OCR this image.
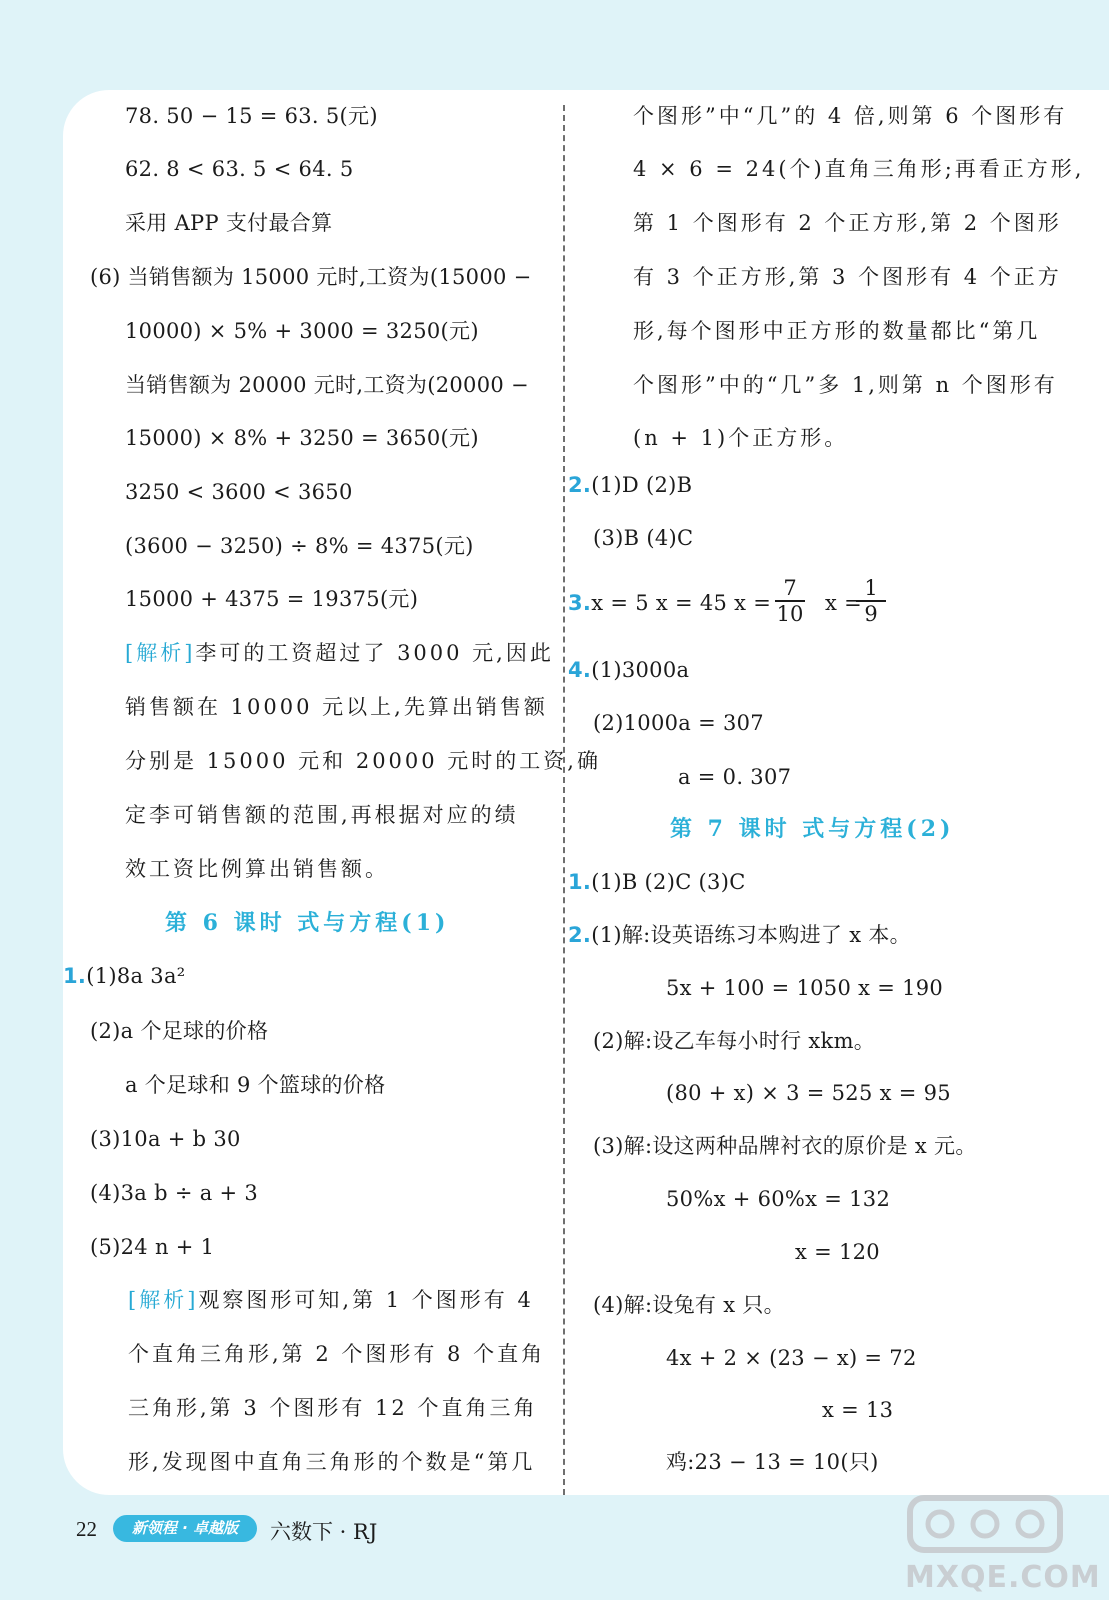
78. 50 − 15 = 63. 5(元)
62. 8 < 63. 5 < 64. 5
采用 APP 支付最合算
(6) 当销售额为 15000 元时,工资为(15000 −
10000) × 5% + 3000 = 3250(元)
当销售额为 20000 元时,工资为(20000 −
15000) × 8% + 3250 = 3650(元)
3250 < 3600 < 3650
(3600 − 3250) ÷ 8% = 4375(元)
15000 + 4375 = 19375(元)
[解析]李可的工资超过了 3000 元,因此
销售额在 10000 元以上,先算出销售额
分别是 15000 元和 20000 元时的工资,确
定李可销售额的范围,再根据对应的绩
效工资比例算出销售额。
第 6 课时 式与方程(1)
1.(1)8a 3a²
(2)a 个足球的价格
a 个足球和 9 个篮球的价格
(3)10a + b 30
(4)3a b ÷ a + 3
(5)24 n + 1
[解析]观察图形可知,第 1 个图形有 4
个直角三角形,第 2 个图形有 8 个直角
三角形,第 3 个图形有 12 个直角三角
形,发现图中直角三角形的个数是“第几
个图形”中“几”的 4 倍,则第 6 个图形有
4 × 6 = 24(个)直角三角形;再看正方形,
第 1 个图形有 2 个正方形,第 2 个图形
有 3 个正方形,第 3 个图形有 4 个正方
形,每个图形中正方形的数量都比“第几
个图形”中的“几”多 1,则第 n 个图形有
(n + 1)个正方形。
2.(1)D (2)B
(3)B (4)C
3.x = 5 x = 45 x =
7
10 x =
1
9
4.(1)3000a
(2)1000a = 307
a = 0. 307
第 7 课时 式与方程(2)
1.(1)B (2)C (3)C
2.(1)解:设英语练习本购进了 x 本。
5x + 100 = 1050 x = 190
(2)解:设乙车每小时行 xkm。
(80 + x) × 3 = 525 x = 95
(3)解:设这两种品牌衬衣的原价是 x 元。
50%x + 60%x = 132
x = 120
(4)解:设兔有 x 只。
4x + 2 × (23 − x) = 72
x = 13
鸡:23 − 13 = 10(只)
22	新领程 · 卓越版	六数下 · RJ
MXQE.COM
